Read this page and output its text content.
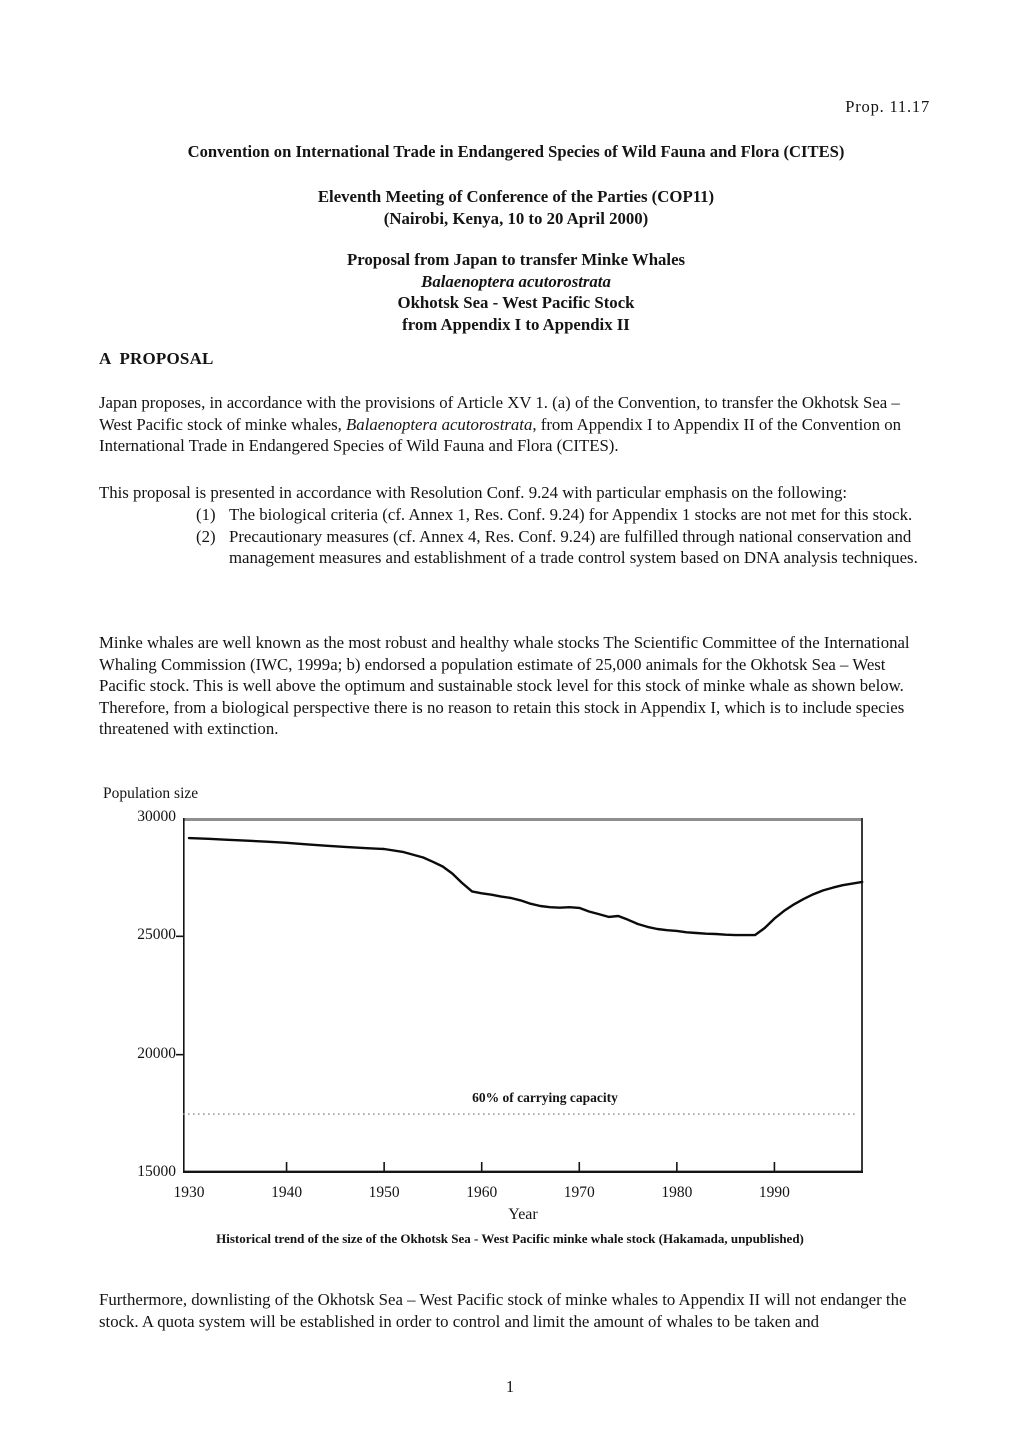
Prop. 11.17
Convention on International Trade in Endangered Species of Wild Fauna and Flora (CITES)
Eleventh Meeting of Conference of the Parties (COP11)
(Nairobi, Kenya, 10 to 20 April 2000)
Proposal from Japan to transfer Minke Whales
Balaenoptera acutorostrata
Okhotsk Sea - West Pacific Stock
from Appendix I to Appendix II
A  PROPOSAL
Japan proposes, in accordance with the provisions of Article XV 1. (a) of the Convention, to transfer the Okhotsk Sea – West Pacific stock of minke whales, Balaenoptera acutorostrata, from Appendix I to Appendix II of the Convention on International Trade in Endangered Species of Wild Fauna and Flora (CITES).
This proposal is presented in accordance with Resolution Conf. 9.24 with particular emphasis on the following:
(1) The biological criteria (cf. Annex 1, Res. Conf. 9.24) for Appendix 1 stocks are not met for this stock.
(2) Precautionary measures (cf. Annex 4, Res. Conf. 9.24) are fulfilled through national conservation and management measures and establishment of a trade control system based on DNA analysis techniques.
Minke whales are well known as the most robust and healthy whale stocks The Scientific Committee of the International Whaling Commission (IWC, 1999a; b) endorsed a population estimate of 25,000 animals for the Okhotsk Sea – West Pacific stock. This is well above the optimum and sustainable stock level for this stock of minke whale as shown below. Therefore, from a biological perspective there is no reason to retain this stock in Appendix I, which is to include species threatened with extinction.
Population size
Year
60% of carrying capacity
30000
25000
20000
15000
1930	1940	1950	1960	1970	1980	1990
Historical trend of the size of the Okhotsk Sea - West Pacific minke whale stock (Hakamada, unpublished)
Furthermore, downlisting of the Okhotsk Sea – West Pacific stock of minke whales to Appendix II will not endanger the stock. A quota system will be established in order to control and limit the amount of whales to be taken and
1
